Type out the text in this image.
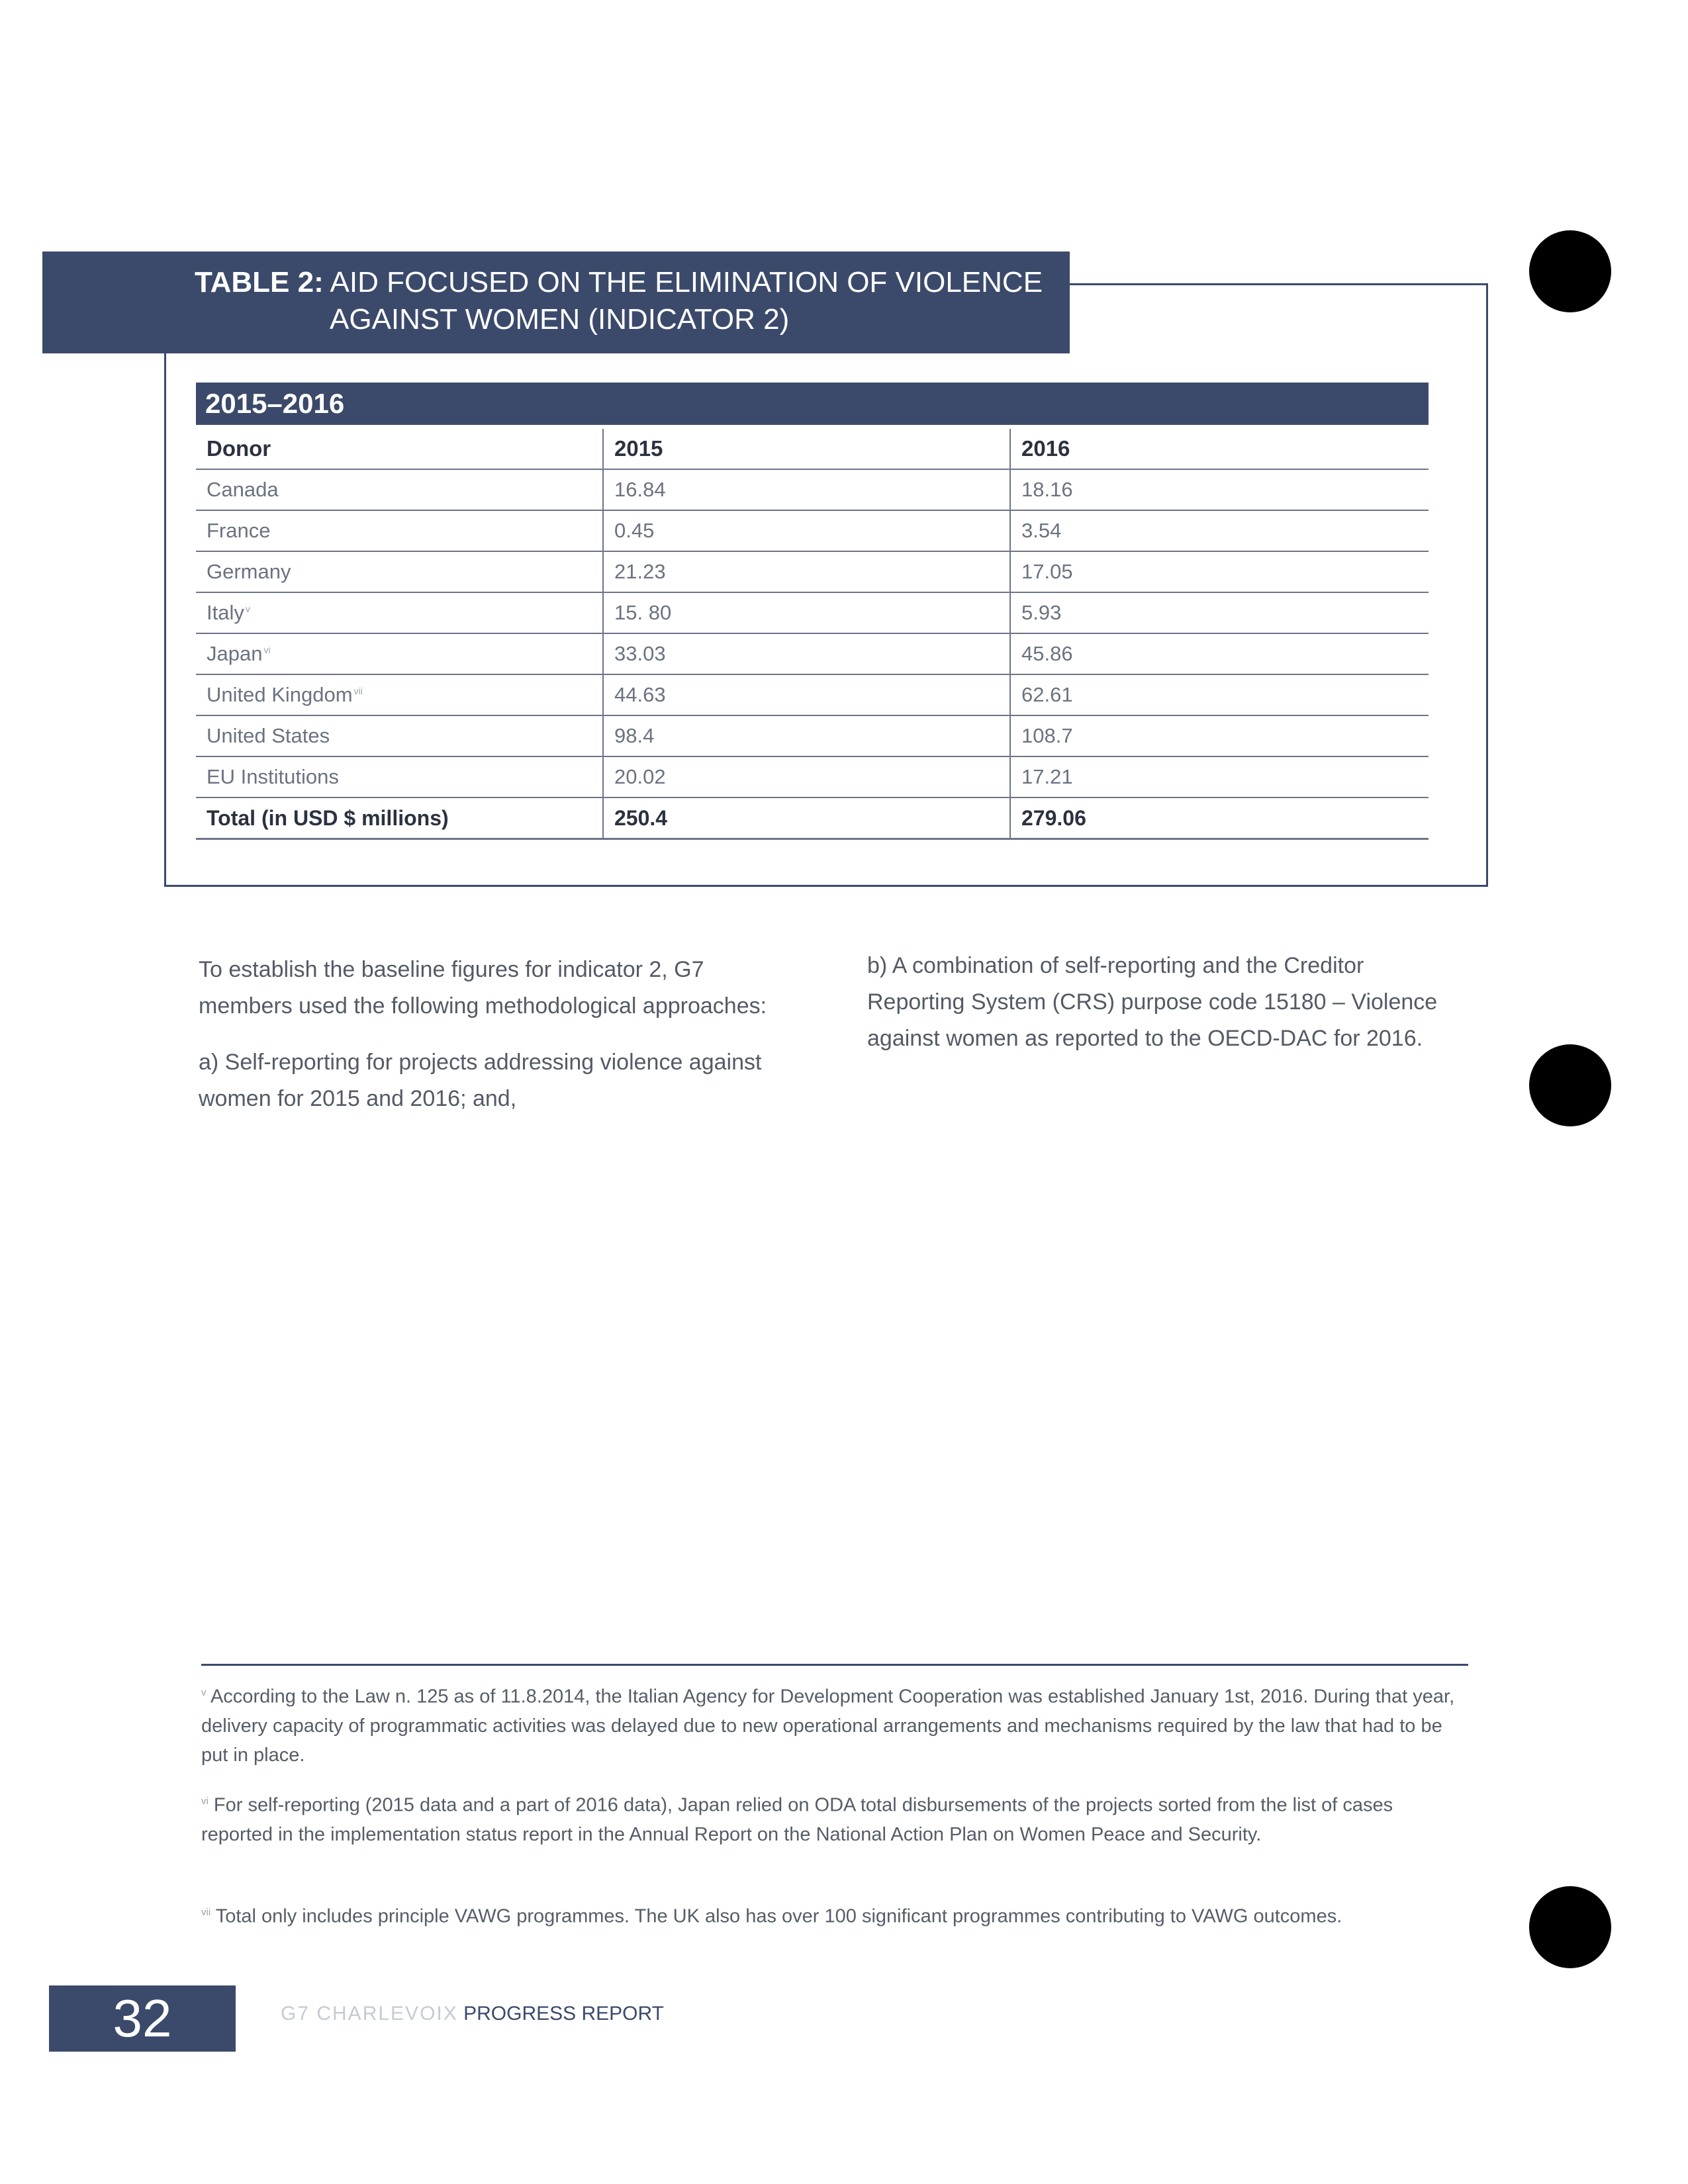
TABLE 2: AID FOCUSED ON THE ELIMINATION OF VIOLENCE
AGAINST WOMEN (INDICATOR 2)
2015–2016
Donor	2015	2016
Canada	16.84	18.16
France	0.45	3.54
Germany	21.23	17.05
Italy $^v$	15. 80	5.93
Japan $^{vi}$	33.03	45.86
United Kingdom $^{vii}$	44.63	62.61
United States	98.4	108.7
EU Institutions	20.02	17.21
Total (in USD $ millions)	250.4	279.06

To establish the baseline figures for indicator 2, G7 members used the following methodological approaches:

a) Self-reporting for projects addressing violence against women for 2015 and 2016; and,

b) A combination of self-reporting and the Creditor Reporting System (CRS) purpose code 15180 – Violence against women as reported to the OECD-DAC for 2016.

$^v$ According to the Law n. 125 as of 11.8.2014, the Italian Agency for Development Cooperation was established January 1st, 2016. During that year, delivery capacity of programmatic activities was delayed due to new operational arrangements and mechanisms required by the law that had to be put in place.
$^{vi}$ For self-reporting (2015 data and a part of 2016 data), Japan relied on ODA total disbursements of the projects sorted from the list of cases reported in the implementation status report in the Annual Report on the National Action Plan on Women Peace and Security.
$^{vii}$ Total only includes principle VAWG programmes. The UK also has over 100 significant programmes contributing to VAWG outcomes.
32	G7 CHARLEVOIX PROGRESS REPORT
